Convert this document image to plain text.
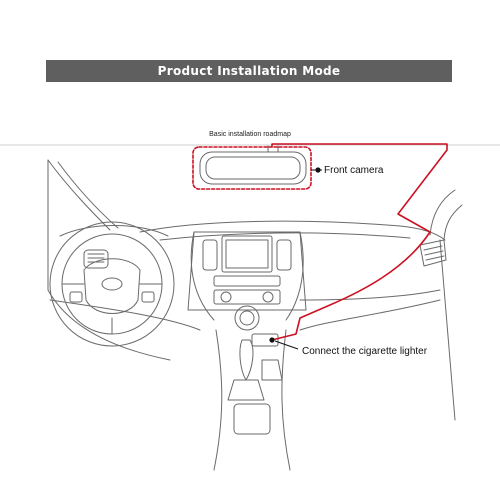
Product Installation Mode
Basic installation roadmap
Front camera
Connect the cigarette lighter
